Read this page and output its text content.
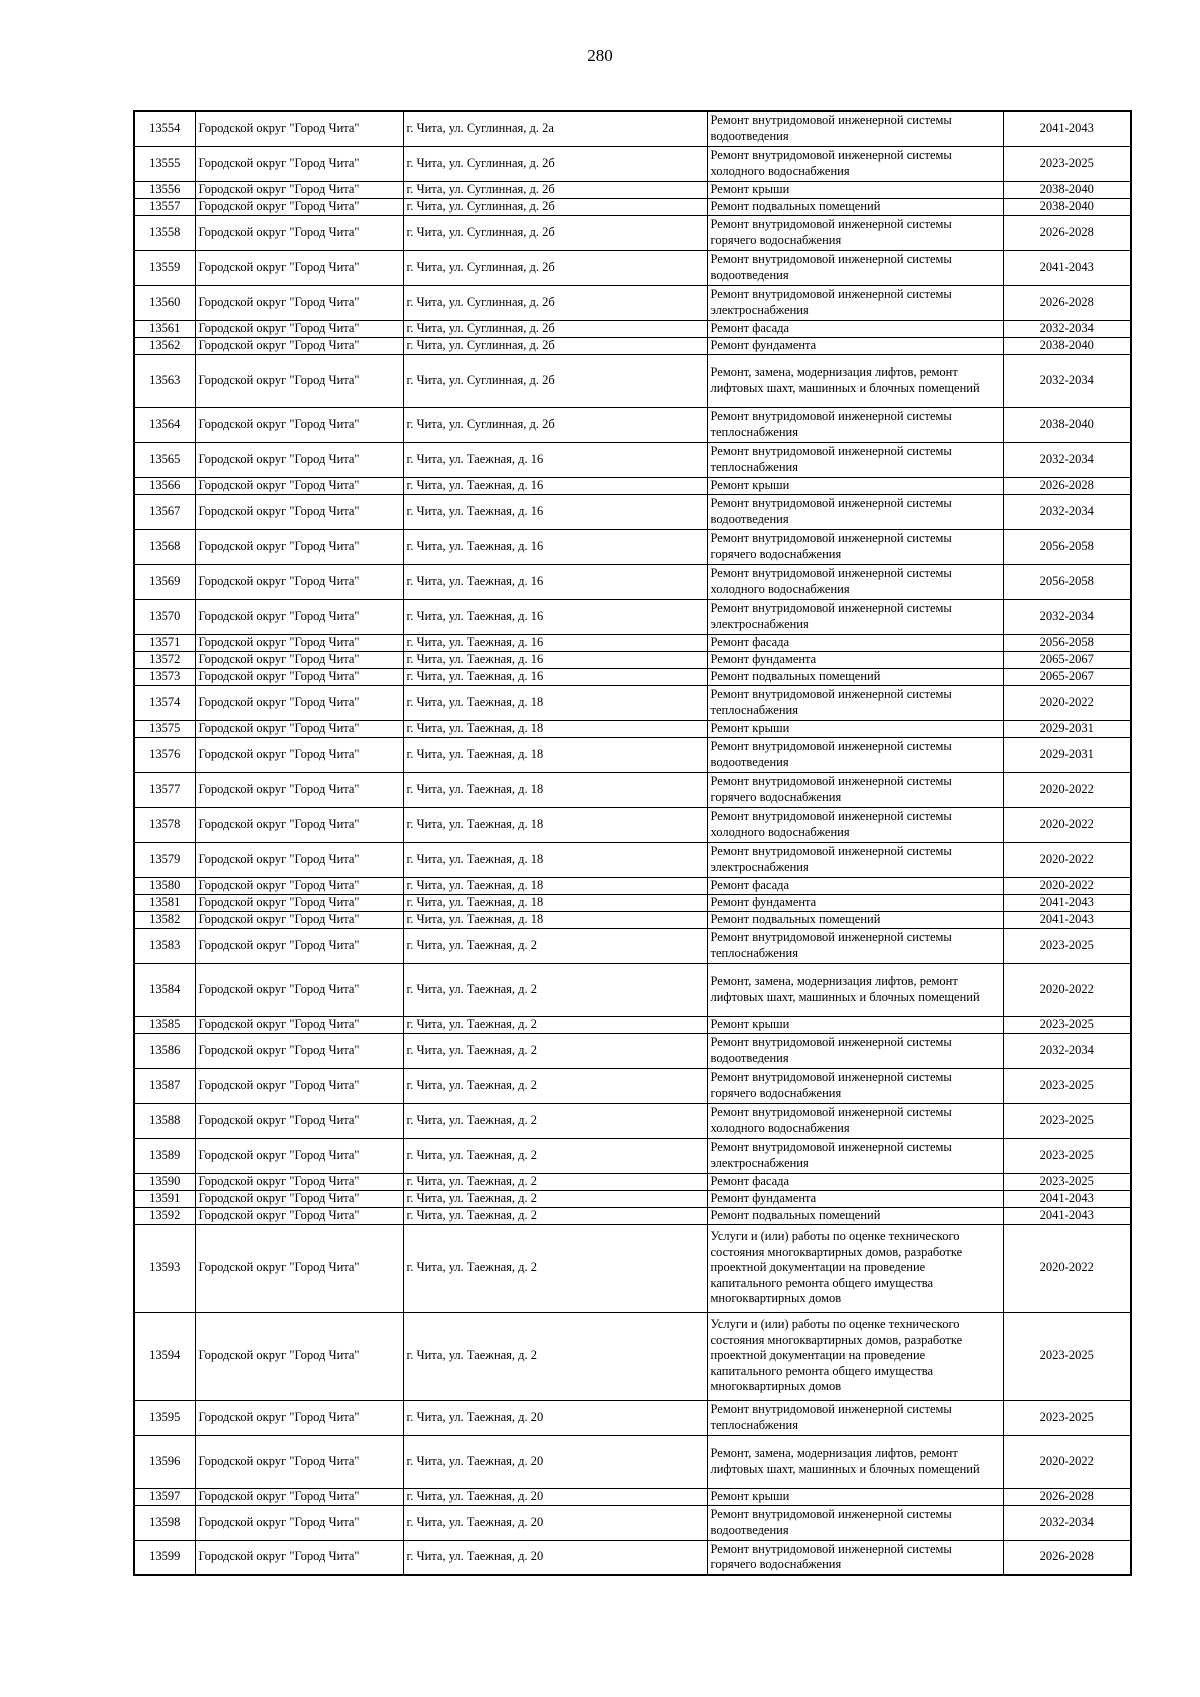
280
13554	Городской округ "Город Чита"	г. Чита, ул. Суглинная, д. 2а	Ремонт внутридомовой инженерной системы водоотведения	2041-2043
13555	Городской округ "Город Чита"	г. Чита, ул. Суглинная, д. 2б	Ремонт внутридомовой инженерной системы холодного водоснабжения	2023-2025
13556	Городской округ "Город Чита"	г. Чита, ул. Суглинная, д. 2б	Ремонт крыши	2038-2040
13557	Городской округ "Город Чита"	г. Чита, ул. Суглинная, д. 2б	Ремонт подвальных помещений	2038-2040
13558	Городской округ "Город Чита"	г. Чита, ул. Суглинная, д. 2б	Ремонт внутридомовой инженерной системы горячего водоснабжения	2026-2028
13559	Городской округ "Город Чита"	г. Чита, ул. Суглинная, д. 2б	Ремонт внутридомовой инженерной системы водоотведения	2041-2043
13560	Городской округ "Город Чита"	г. Чита, ул. Суглинная, д. 2б	Ремонт внутридомовой инженерной системы электроснабжения	2026-2028
13561	Городской округ "Город Чита"	г. Чита, ул. Суглинная, д. 2б	Ремонт фасада	2032-2034
13562	Городской округ "Город Чита"	г. Чита, ул. Суглинная, д. 2б	Ремонт фундамента	2038-2040
13563	Городской округ "Город Чита"	г. Чита, ул. Суглинная, д. 2б	Ремонт, замена, модернизация лифтов, ремонт лифтовых шахт, машинных и блочных помещений	2032-2034
13564	Городской округ "Город Чита"	г. Чита, ул. Суглинная, д. 2б	Ремонт внутридомовой инженерной системы теплоснабжения	2038-2040
13565	Городской округ "Город Чита"	г. Чита, ул. Таежная, д. 16	Ремонт внутридомовой инженерной системы теплоснабжения	2032-2034
13566	Городской округ "Город Чита"	г. Чита, ул. Таежная, д. 16	Ремонт крыши	2026-2028
13567	Городской округ "Город Чита"	г. Чита, ул. Таежная, д. 16	Ремонт внутридомовой инженерной системы водоотведения	2032-2034
13568	Городской округ "Город Чита"	г. Чита, ул. Таежная, д. 16	Ремонт внутридомовой инженерной системы горячего водоснабжения	2056-2058
13569	Городской округ "Город Чита"	г. Чита, ул. Таежная, д. 16	Ремонт внутридомовой инженерной системы холодного водоснабжения	2056-2058
13570	Городской округ "Город Чита"	г. Чита, ул. Таежная, д. 16	Ремонт внутридомовой инженерной системы электроснабжения	2032-2034
13571	Городской округ "Город Чита"	г. Чита, ул. Таежная, д. 16	Ремонт фасада	2056-2058
13572	Городской округ "Город Чита"	г. Чита, ул. Таежная, д. 16	Ремонт фундамента	2065-2067
13573	Городской округ "Город Чита"	г. Чита, ул. Таежная, д. 16	Ремонт подвальных помещений	2065-2067
13574	Городской округ "Город Чита"	г. Чита, ул. Таежная, д. 18	Ремонт внутридомовой инженерной системы теплоснабжения	2020-2022
13575	Городской округ "Город Чита"	г. Чита, ул. Таежная, д. 18	Ремонт крыши	2029-2031
13576	Городской округ "Город Чита"	г. Чита, ул. Таежная, д. 18	Ремонт внутридомовой инженерной системы водоотведения	2029-2031
13577	Городской округ "Город Чита"	г. Чита, ул. Таежная, д. 18	Ремонт внутридомовой инженерной системы горячего водоснабжения	2020-2022
13578	Городской округ "Город Чита"	г. Чита, ул. Таежная, д. 18	Ремонт внутридомовой инженерной системы холодного водоснабжения	2020-2022
13579	Городской округ "Город Чита"	г. Чита, ул. Таежная, д. 18	Ремонт внутридомовой инженерной системы электроснабжения	2020-2022
13580	Городской округ "Город Чита"	г. Чита, ул. Таежная, д. 18	Ремонт фасада	2020-2022
13581	Городской округ "Город Чита"	г. Чита, ул. Таежная, д. 18	Ремонт фундамента	2041-2043
13582	Городской округ "Город Чита"	г. Чита, ул. Таежная, д. 18	Ремонт подвальных помещений	2041-2043
13583	Городской округ "Город Чита"	г. Чита, ул. Таежная, д. 2	Ремонт внутридомовой инженерной системы теплоснабжения	2023-2025
13584	Городской округ "Город Чита"	г. Чита, ул. Таежная, д. 2	Ремонт, замена, модернизация лифтов, ремонт лифтовых шахт, машинных и блочных помещений	2020-2022
13585	Городской округ "Город Чита"	г. Чита, ул. Таежная, д. 2	Ремонт крыши	2023-2025
13586	Городской округ "Город Чита"	г. Чита, ул. Таежная, д. 2	Ремонт внутридомовой инженерной системы водоотведения	2032-2034
13587	Городской округ "Город Чита"	г. Чита, ул. Таежная, д. 2	Ремонт внутридомовой инженерной системы горячего водоснабжения	2023-2025
13588	Городской округ "Город Чита"	г. Чита, ул. Таежная, д. 2	Ремонт внутридомовой инженерной системы холодного водоснабжения	2023-2025
13589	Городской округ "Город Чита"	г. Чита, ул. Таежная, д. 2	Ремонт внутридомовой инженерной системы электроснабжения	2023-2025
13590	Городской округ "Город Чита"	г. Чита, ул. Таежная, д. 2	Ремонт фасада	2023-2025
13591	Городской округ "Город Чита"	г. Чита, ул. Таежная, д. 2	Ремонт фундамента	2041-2043
13592	Городской округ "Город Чита"	г. Чита, ул. Таежная, д. 2	Ремонт подвальных помещений	2041-2043
13593	Городской округ "Город Чита"	г. Чита, ул. Таежная, д. 2	Услуги и (или) работы по оценке технического состояния многоквартирных домов, разработке проектной документации на проведение капитального ремонта общего имущества многоквартирных домов	2020-2022
13594	Городской округ "Город Чита"	г. Чита, ул. Таежная, д. 2	Услуги и (или) работы по оценке технического состояния многоквартирных домов, разработке проектной документации на проведение капитального ремонта общего имущества многоквартирных домов	2023-2025
13595	Городской округ "Город Чита"	г. Чита, ул. Таежная, д. 20	Ремонт внутридомовой инженерной системы теплоснабжения	2023-2025
13596	Городской округ "Город Чита"	г. Чита, ул. Таежная, д. 20	Ремонт, замена, модернизация лифтов, ремонт лифтовых шахт, машинных и блочных помещений	2020-2022
13597	Городской округ "Город Чита"	г. Чита, ул. Таежная, д. 20	Ремонт крыши	2026-2028
13598	Городской округ "Город Чита"	г. Чита, ул. Таежная, д. 20	Ремонт внутридомовой инженерной системы водоотведения	2032-2034
13599	Городской округ "Город Чита"	г. Чита, ул. Таежная, д. 20	Ремонт внутридомовой инженерной системы горячего водоснабжения	2026-2028
